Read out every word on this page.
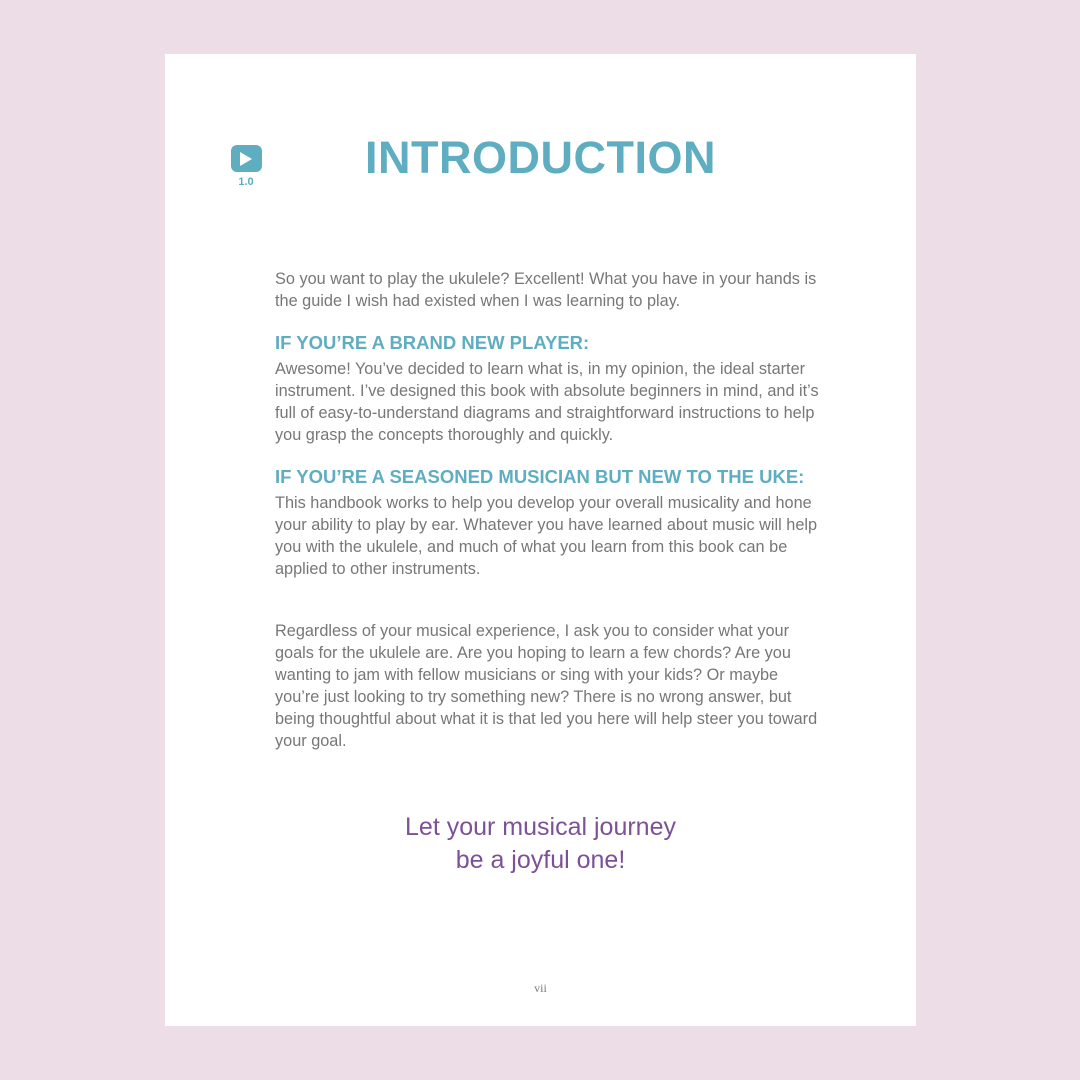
1.0	INTRODUCTION

So you want to play the ukulele? Excellent! What you have in your hands is the guide I wish had existed when I was learning to play.

IF YOU’RE A BRAND NEW PLAYER:

Awesome! You’ve decided to learn what is, in my opinion, the ideal starter instrument. I’ve designed this book with absolute beginners in mind, and it’s full of easy-to-understand diagrams and straightforward instructions to help you grasp the concepts thoroughly and quickly.

IF YOU’RE A SEASONED MUSICIAN BUT NEW TO THE UKE:

This handbook works to help you develop your overall musicality and hone your ability to play by ear. Whatever you have learned about music will help you with the ukulele, and much of what you learn from this book can be applied to other instruments.

Regardless of your musical experience, I ask you to consider what your goals for the ukulele are. Are you hoping to learn a few chords? Are you wanting to jam with fellow musicians or sing with your kids? Or maybe you’re just looking to try something new? There is no wrong answer, but being thoughtful about what it is that led you here will help steer you toward your goal.

Let your musical journey
be a joyful one!
vii
